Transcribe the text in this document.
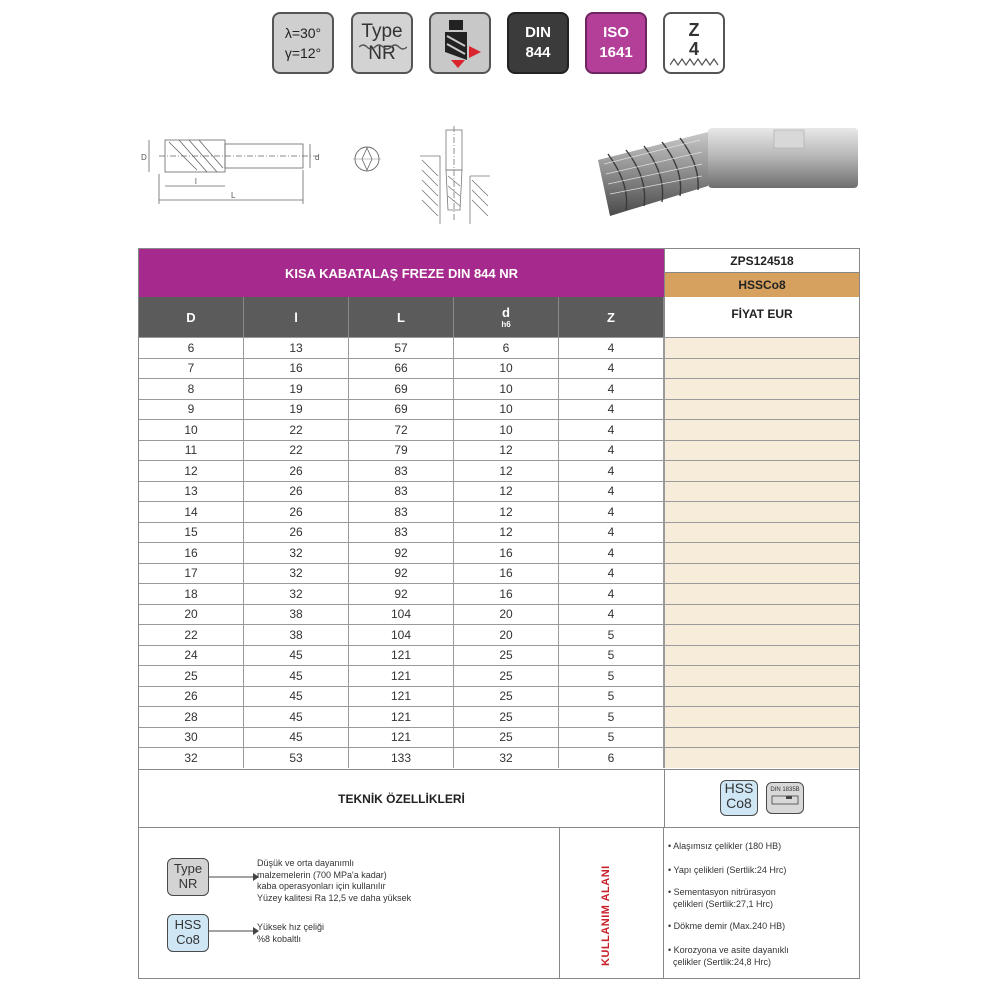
λ=30°
γ=12°
Type
NR
DIN
844
ISO
1641
Z
4
D	d
l
L
KISA KABATALAŞ FREZE DIN 844 NR
ZPS124518
HSSCo8
D	l	L	d
h6	Z	FİYAT EUR
6	13	57	6	4
7	16	66	10	4
8	19	69	10	4
9	19	69	10	4
10	22	72	10	4
11	22	79	12	4
12	26	83	12	4
13	26	83	12	4
14	26	83	12	4
15	26	83	12	4
16	32	92	16	4
17	32	92	16	4
18	32	92	16	4
20	38	104	20	4
22	38	104	20	5
24	45	121	25	5
25	45	121	25	5
26	45	121	25	5
28	45	121	25	5
30	45	121	25	5
32	53	133	32	6
TEKNİK ÖZELLİKLERİ
HSS
Co8
DIN 1835B
Type
NR
Düşük ve orta dayanımlı
malzemelerin (700 MPa'a kadar)
kaba operasyonları için kullanılır
Yüzey kalitesi Ra 12,5 ve daha yüksek
HSS
Co8
Yüksek hız çeliği
%8 kobaltlı	KULLANIM ALANI
• Alaşımsız çelikler (180 HB)
• Yapı çelikleri (Sertlik:24 Hrc)
• Sementasyon nitrürasyon
çelikleri (Sertlik:27,1 Hrc)
• Dökme demir (Max.240 HB)
• Korozyona ve asite dayanıklı
çelikler (Sertlik:24,8 Hrc)
